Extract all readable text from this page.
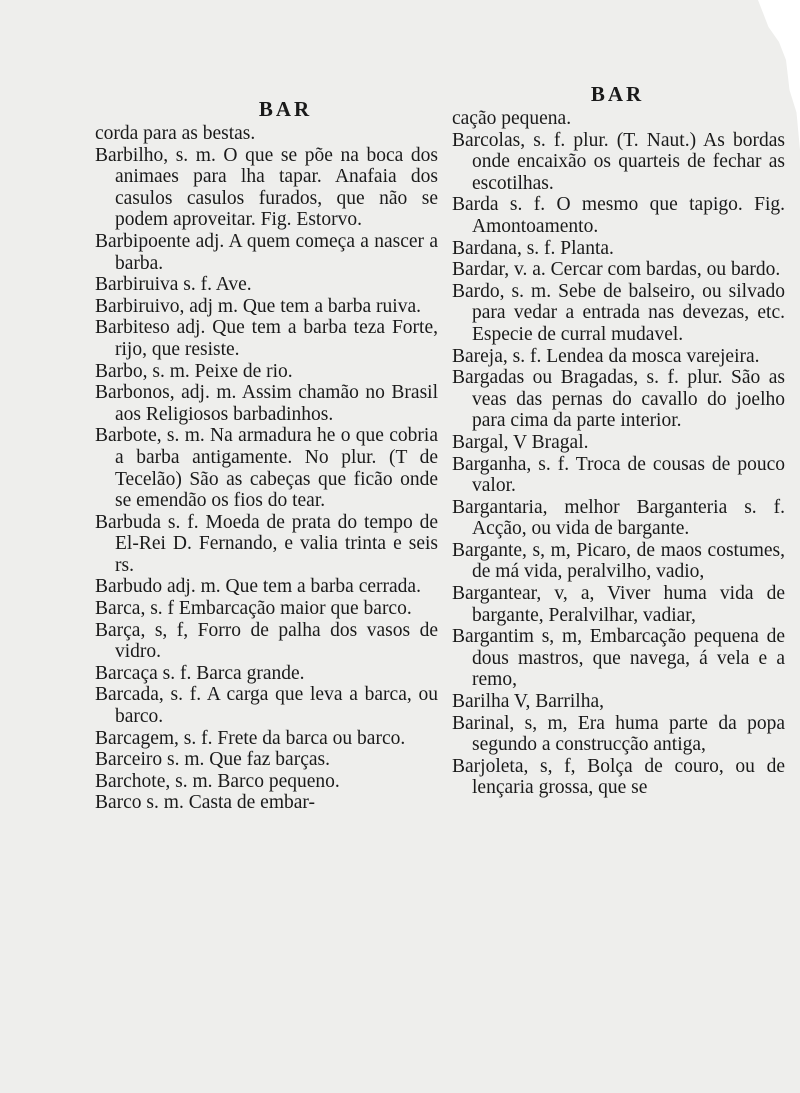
BAR
corda para as bestas.
Barbilho, s. m. O que se põe na boca dos animaes para lha tapar. Anafaia dos casulos casulos furados, que não se podem aproveitar. Fig. Estorvo.
Barbipoente adj. A quem começa a nascer a barba.
Barbiruiva s. f. Ave.
Barbiruivo, adj m. Que tem a barba ruiva.
Barbiteso adj. Que tem a barba teza Forte, rijo, que resiste.
Barbo, s. m. Peixe de rio.
Barbonos, adj. m. Assim chamão no Brasil aos Religiosos barbadinhos.
Barbote, s. m. Na armadura he o que cobria a barba antigamente. No plur. (T de Tecelão) São as cabeças que ficão onde se emendão os fios do tear.
Barbuda s. f. Moeda de prata do tempo de El-Rei D. Fernando, e valia trinta e seis rs.
Barbudo adj. m. Que tem a barba cerrada.
Barca, s. f Embarcação maior que barco.
Barça, s, f, Forro de palha dos vasos de vidro.
Barcaça s. f. Barca grande.
Barcada, s. f. A carga que leva a barca, ou barco.
Barcagem, s. f. Frete da barca ou barco.
Barceiro s. m. Que faz barças.
Barchote, s. m. Barco pequeno.
Barco s. m. Casta de embar-
BAR
cação pequena.
Barcolas, s. f. plur. (T. Naut.) As bordas onde encaixão os quarteis de fechar as escotilhas.
Barda s. f. O mesmo que tapigo. Fig. Amontoamento.
Bardana, s. f. Planta.
Bardar, v. a. Cercar com bardas, ou bardo.
Bardo, s. m. Sebe de balseiro, ou silvado para vedar a entrada nas devezas, etc. Especie de curral mudavel.
Bareja, s. f. Lendea da mosca varejeira.
Bargadas ou Bragadas, s. f. plur. São as veas das pernas do cavallo do joelho para cima da parte interior.
Bargal, V Bragal.
Barganha, s. f. Troca de cousas de pouco valor.
Bargantaria, melhor Barganteria s. f. Acção, ou vida de bargante.
Bargante, s, m, Picaro, de maos costumes, de má vida, peralvilho, vadio,
Bargantear, v, a, Viver huma vida de bargante, Peralvilhar, vadiar,
Bargantim s, m, Embarcação pequena de dous mastros, que navega, á vela e a remo,
Barilha V, Barrilha,
Barinal, s, m, Era huma parte da popa segundo a construcção antiga,
Barjoleta, s, f, Bolça de couro, ou de lençaria grossa, que se
